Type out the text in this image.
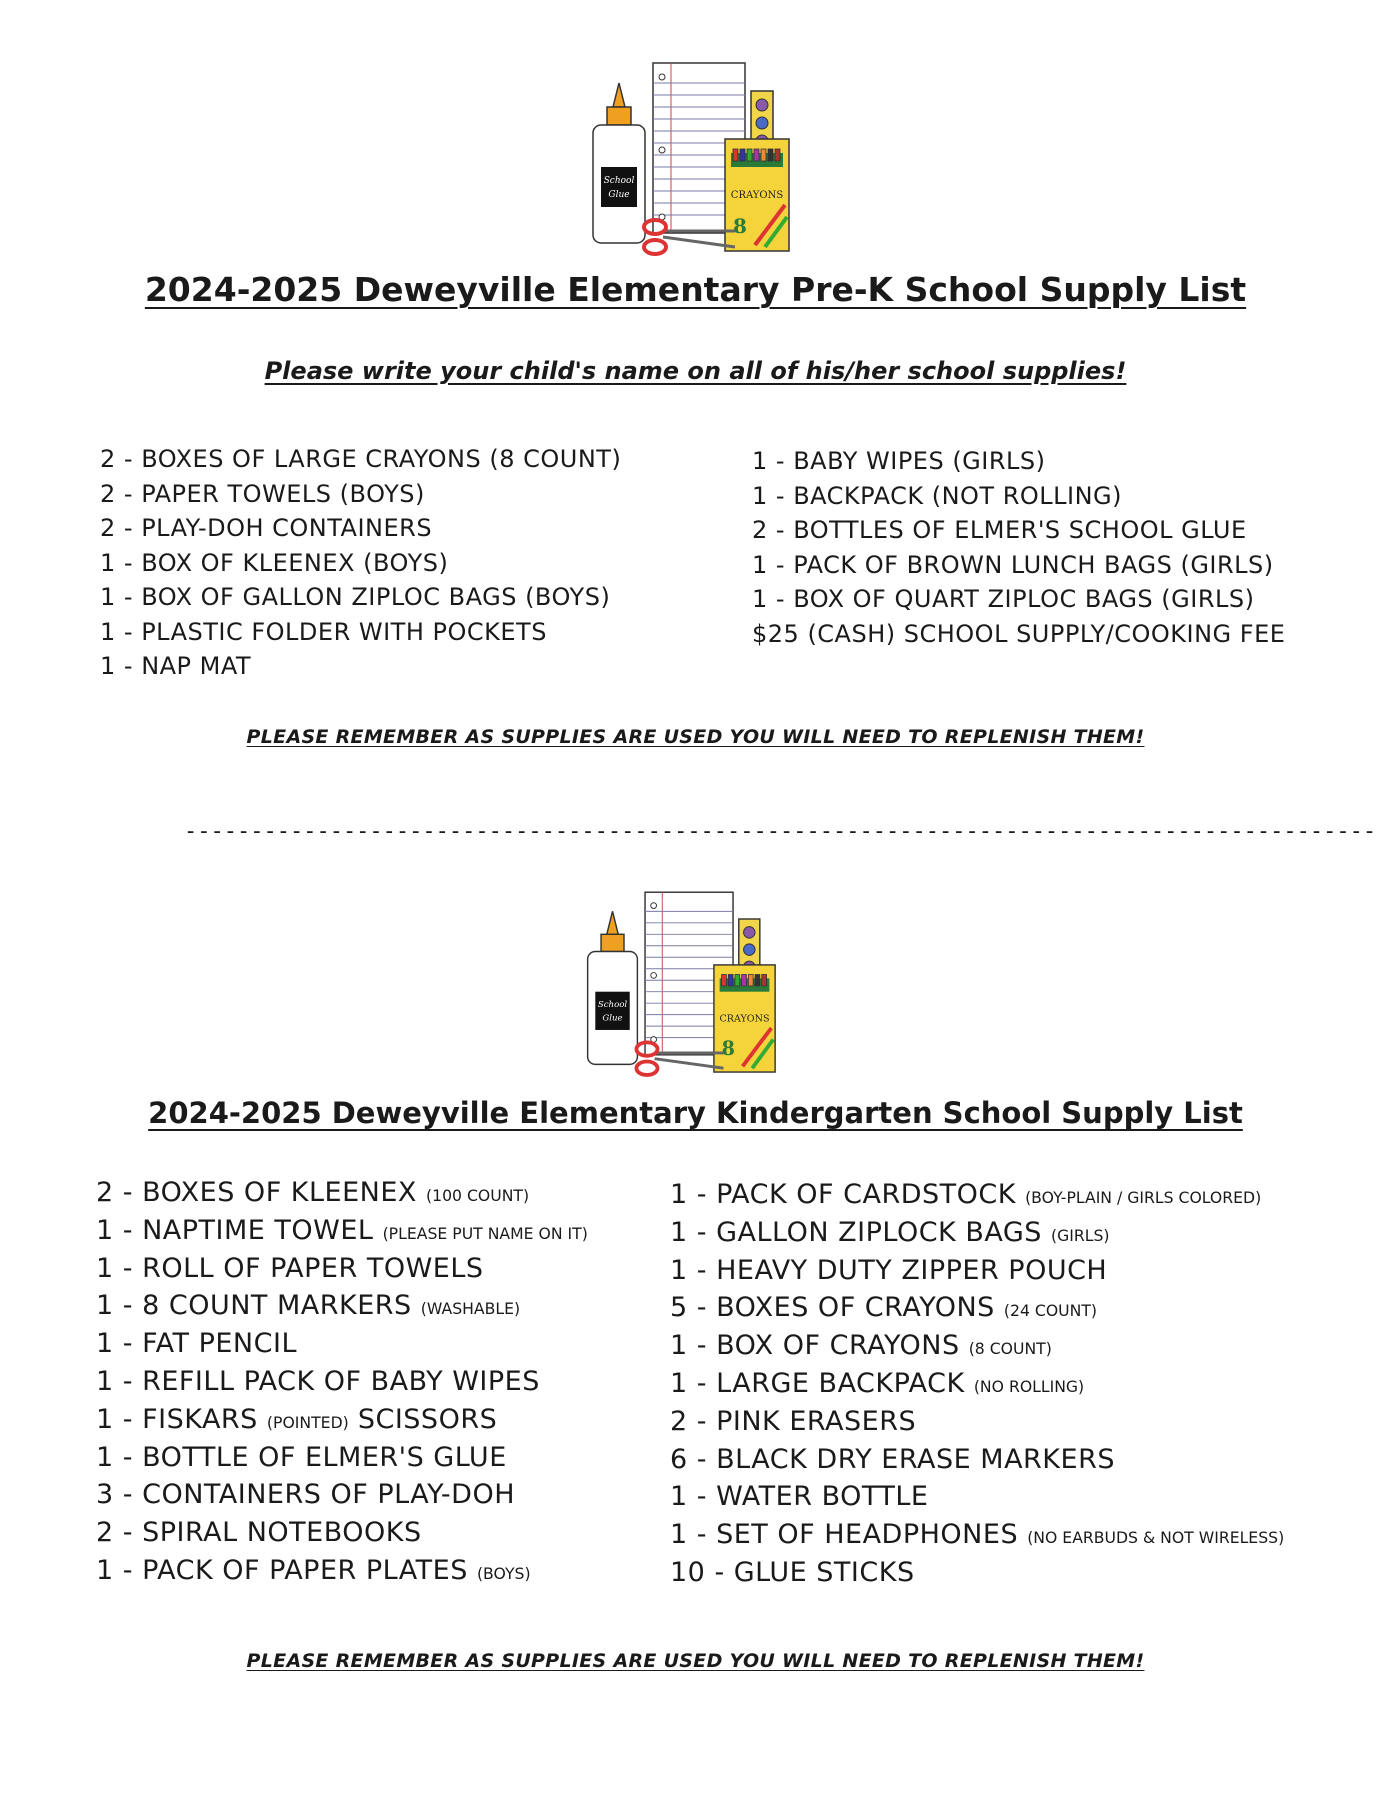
CRAYONS
8
School
Glue
2024-2025 Deweyville Elementary Pre-K School Supply List
Please write your child's name on all of his/her school supplies!
2 - BOXES OF LARGE CRAYONS (8 COUNT)
2 - PAPER TOWELS (BOYS)
2 - PLAY-DOH CONTAINERS
1 - BOX OF KLEENEX (BOYS)
1 - BOX OF GALLON ZIPLOC BAGS (BOYS)
1 - PLASTIC FOLDER WITH POCKETS
1 - NAP MAT
1 - BABY WIPES (GIRLS)
1 - BACKPACK (NOT ROLLING)
2 - BOTTLES OF ELMER'S SCHOOL GLUE
1 - PACK OF BROWN LUNCH BAGS (GIRLS)
1 - BOX OF QUART ZIPLOC BAGS (GIRLS)
$25 (CASH) SCHOOL SUPPLY/COOKING FEE
PLEASE REMEMBER AS SUPPLIES ARE USED YOU WILL NEED TO REPLENISH THEM!
------------------------------------------------------------------------------------------
CRAYONS
8
School
Glue
2024-2025 Deweyville Elementary Kindergarten School Supply List
2 - BOXES OF KLEENEX (100 COUNT)
1 - NAPTIME TOWEL (PLEASE PUT NAME ON IT)
1 - ROLL OF PAPER TOWELS
1 - 8 COUNT MARKERS (WASHABLE)
1 - FAT PENCIL
1 - REFILL PACK OF BABY WIPES
1 - FISKARS (POINTED) SCISSORS
1 - BOTTLE OF ELMER'S GLUE
3 - CONTAINERS OF PLAY-DOH
2 - SPIRAL NOTEBOOKS
1 - PACK OF PAPER PLATES (BOYS)
1 - PACK OF CARDSTOCK (BOY-PLAIN / GIRLS COLORED)
1 - GALLON ZIPLOCK BAGS (GIRLS)
1 - HEAVY DUTY ZIPPER POUCH
5 - BOXES OF CRAYONS (24 COUNT)
1 - BOX OF CRAYONS (8 COUNT)
1 - LARGE BACKPACK (NO ROLLING)
2 - PINK ERASERS
6 - BLACK DRY ERASE MARKERS
1 - WATER BOTTLE
1 - SET OF HEADPHONES (NO EARBUDS & NOT WIRELESS)
10 - GLUE STICKS
PLEASE REMEMBER AS SUPPLIES ARE USED YOU WILL NEED TO REPLENISH THEM!
